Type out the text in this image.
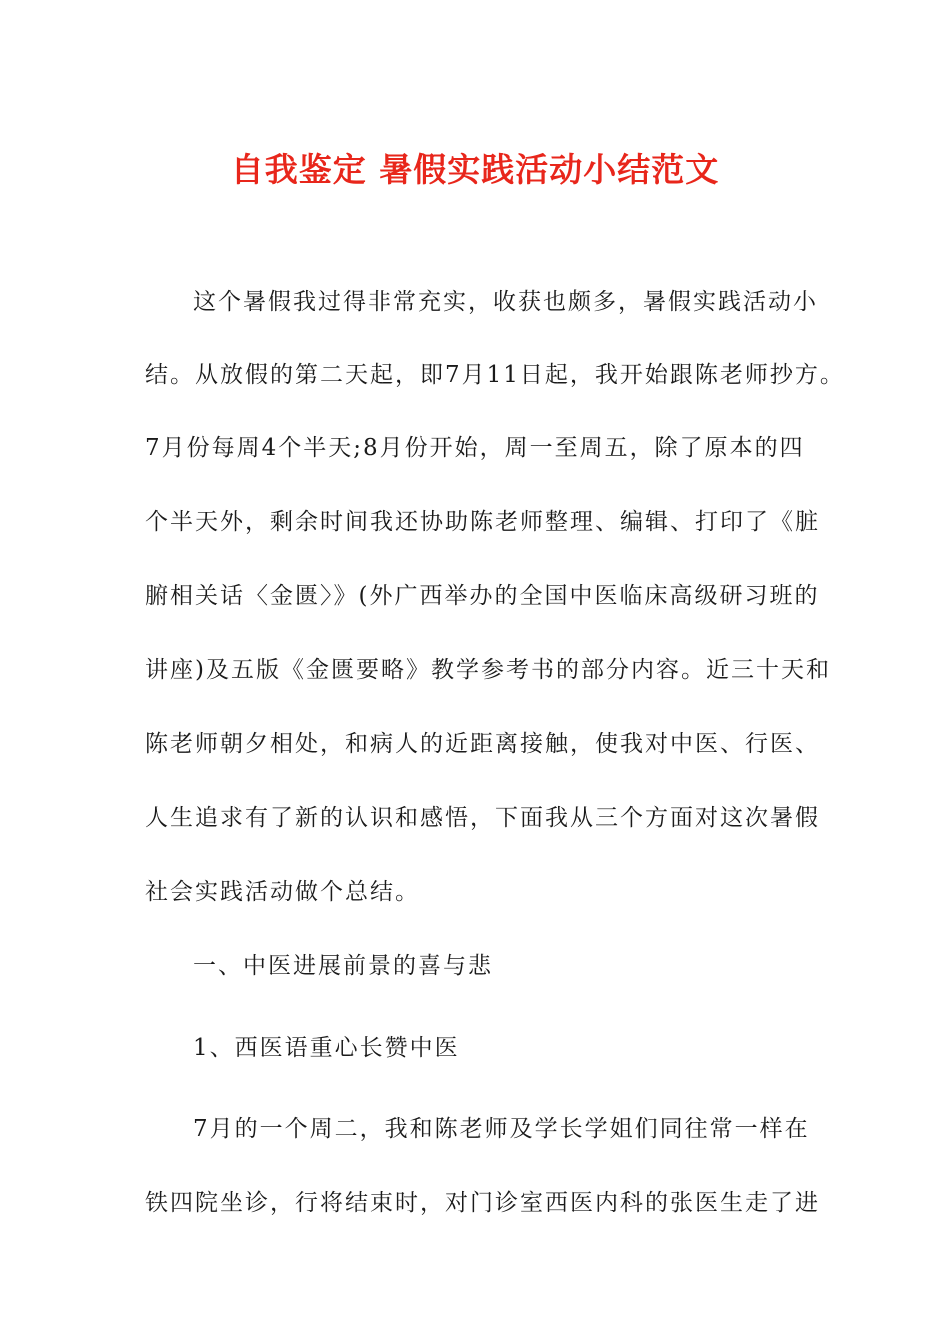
自我鉴定 暑假实践活动小结范文
这个暑假我过得非常充实，收获也颇多，暑假实践活动小
结。从放假的第二天起，即7月11日起，我开始跟陈老师抄方。
7月份每周4个半天;8月份开始，周一至周五，除了原本的四
个半天外，剩余时间我还协助陈老师整理、编辑、打印了《脏
腑相关话〈金匮〉》(外广西举办的全国中医临床高级研习班的
讲座)及五版《金匮要略》教学参考书的部分内容。近三十天和
陈老师朝夕相处，和病人的近距离接触，使我对中医、行医、
人生追求有了新的认识和感悟，下面我从三个方面对这次暑假
社会实践活动做个总结。
一、中医进展前景的喜与悲
1、西医语重心长赞中医
7月的一个周二，我和陈老师及学长学姐们同往常一样在
铁四院坐诊，行将结束时，对门诊室西医内科的张医生走了进
